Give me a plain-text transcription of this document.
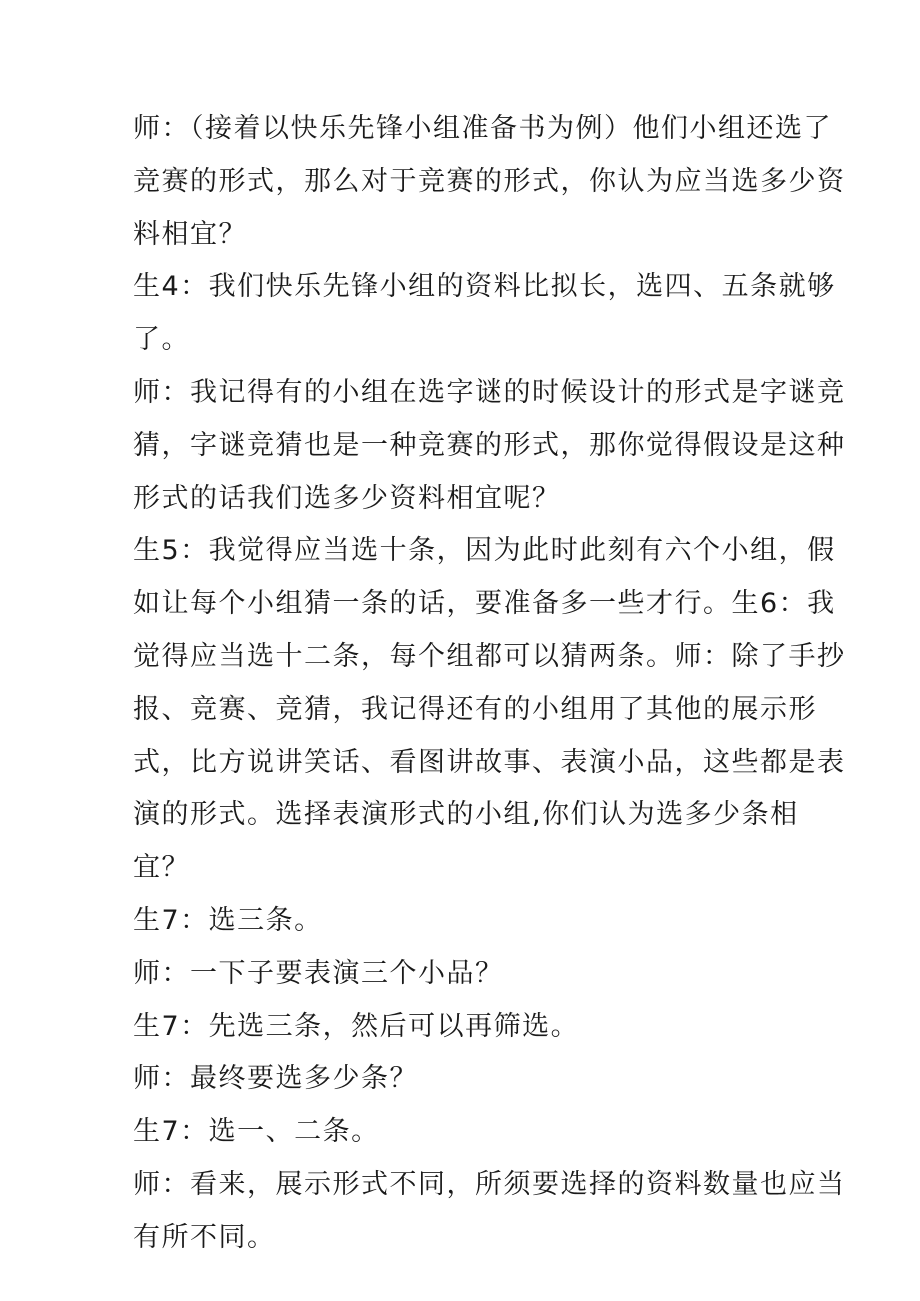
师：（接着以快乐先锋小组准备书为例）他们小组还选了
竞赛的形式，那么对于竞赛的形式，你认为应当选多少资
料相宜？
生4：我们快乐先锋小组的资料比拟长，选四、五条就够
了。
师：我记得有的小组在选字谜的时候设计的形式是字谜竞
猜，字谜竞猜也是一种竞赛的形式，那你觉得假设是这种
形式的话我们选多少资料相宜呢？
生5：我觉得应当选十条，因为此时此刻有六个小组，假
如让每个小组猜一条的话，要准备多一些才行。生6：我
觉得应当选十二条，每个组都可以猜两条。师：除了手抄
报、竞赛、竞猜，我记得还有的小组用了其他的展示形
式，比方说讲笑话、看图讲故事、表演小品，这些都是表
演的形式。选择表演形式的小组,你们认为选多少条相
宜？
生7：选三条。
师：一下子要表演三个小品？
生7：先选三条，然后可以再筛选。
师：最终要选多少条？
生7：选一、二条。
师：看来，展示形式不同，所须要选择的资料数量也应当
有所不同。
